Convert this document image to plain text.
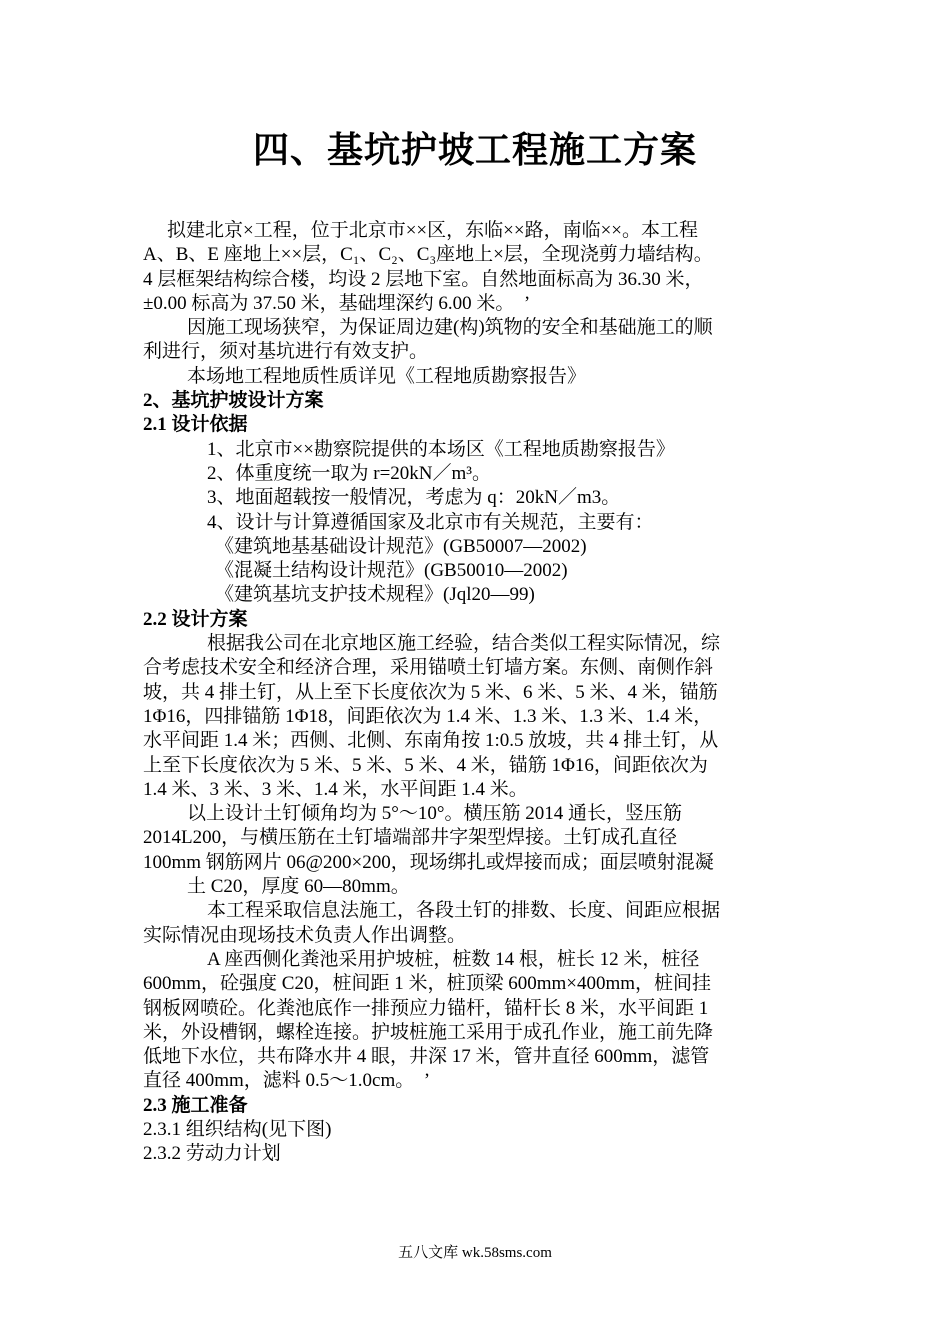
四、基坑护坡工程施工方案

拟建北京×工程，位于北京市××区，东临××路，南临××。本工程
A、B、E 座地上××层，C₁、C₂、C₃座地上×层，全现浇剪力墙结构。
4 层框架结构综合楼，均设 2 层地下室。自然地面标高为 36.30 米，
±0.00 标高为 37.50 米，基础埋深约 6.00 米。　’

因施工现场狭窄，为保证周边建(构)筑物的安全和基础施工的顺
利进行，须对基坑进行有效支护。

本场地工程地质性质详见《工程地质勘察报告》

2、基坑护坡设计方案

2.1 设计依据

1、北京市××勘察院提供的本场区《工程地质勘察报告》

2、体重度统一取为 r=20kN／m³。

3、地面超载按一般情况，考虑为 q：20kN／m3。

4、设计与计算遵循国家及北京市有关规范，主要有：

《建筑地基基础设计规范》(GB50007—2002)

《混凝土结构设计规范》(GB50010—2002)

《建筑基坑支护技术规程》(Jql20—99)

2.2 设计方案

根据我公司在北京地区施工经验，结合类似工程实际情况，综
合考虑技术安全和经济合理，采用锚喷土钉墙方案。东侧、南侧作斜
坡，共 4 排土钉，从上至下长度依次为 5 米、6 米、5 米、4 米，锚筋
1Φ16，四排锚筋 1Φ18，间距依次为 1.4 米、1.3 米、1.3 米、1.4 米，
水平间距 1.4 米；西侧、北侧、东南角按 1:0.5 放坡，共 4 排土钉，从
上至下长度依次为 5 米、5 米、5 米、4 米，锚筋 1Φ16，间距依次为
1.4 米、3 米、3 米、1.4 米，水平间距 1.4 米。

以上设计土钉倾角均为 5°～10°。横压筋 2014 通长，竖压筋
2014L200，与横压筋在土钉墙端部井字架型焊接。土钉成孔直径
100mm 钢筋网片 06@200×200，现场绑扎或焊接而成；面层喷射混凝

土 C20，厚度 60—80mm。

本工程采取信息法施工，各段土钉的排数、长度、间距应根据
实际情况由现场技术负责人作出调整。

A 座西侧化粪池采用护坡桩，桩数 14 根，桩长 12 米，桩径
600mm，砼强度 C20，桩间距 1 米，桩顶梁 600mm×400mm，桩间挂
钢板网喷砼。化粪池底作一排预应力锚杆，锚杆长 8 米，水平间距 1
米，外设槽钢，螺栓连接。护坡桩施工采用于成孔作业，施工前先降
低地下水位，共布降水井 4 眼，井深 17 米，管井直径 600mm，滤管
直径 400mm，滤料 0.5～1.0cm。　’

2.3 施工准备

2.3.1 组织结构(见下图)

2.3.2 劳动力计划

五八文库 wk.58sms.com
